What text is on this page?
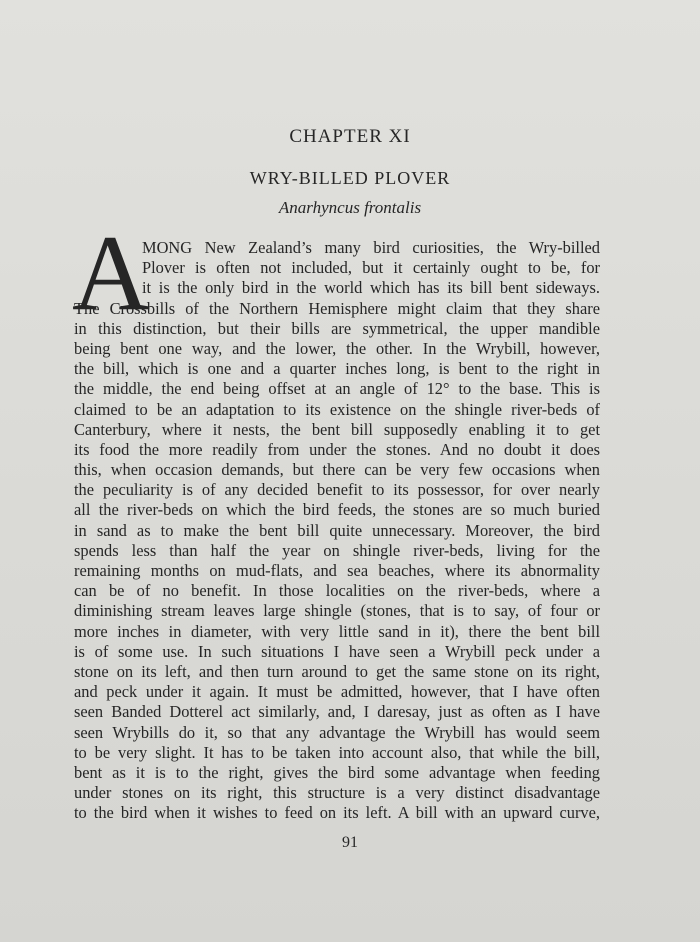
CHAPTER XI
WRY-BILLED PLOVER
Anarhyncus frontalis
A
MONG New Zealand’s many bird curiosities, the Wry-billed
Plover is often not included, but it certainly ought to be, for
it is the only bird in the world which has its bill bent sideways.
The Crossbills of the Northern Hemisphere might claim that they share
in this distinction, but their bills are symmetrical, the upper mandible
being bent one way, and the lower, the other. In the Wrybill, however,
the bill, which is one and a quarter inches long, is bent to the right in
the middle, the end being offset at an angle of 12° to the base. This is
claimed to be an adaptation to its existence on the shingle river-beds of
Canterbury, where it nests, the bent bill supposedly enabling it to get
its food the more readily from under the stones. And no doubt it does
this, when occasion demands, but there can be very few occasions when
the peculiarity is of any decided benefit to its possessor, for over nearly
all the river-beds on which the bird feeds, the stones are so much buried
in sand as to make the bent bill quite unnecessary. Moreover, the bird
spends less than half the year on shingle river-beds, living for the
remaining months on mud-flats, and sea beaches, where its abnormality
can be of no benefit. In those localities on the river-beds, where a
diminishing stream leaves large shingle (stones, that is to say, of four or
more inches in diameter, with very little sand in it), there the bent bill
is of some use. In such situations I have seen a Wrybill peck under a
stone on its left, and then turn around to get the same stone on its right,
and peck under it again. It must be admitted, however, that I have often
seen Banded Dotterel act similarly, and, I daresay, just as often as I have
seen Wrybills do it, so that any advantage the Wrybill has would seem
to be very slight. It has to be taken into account also, that while the bill,
bent as it is to the right, gives the bird some advantage when feeding
under stones on its right, this structure is a very distinct disadvantage
to the bird when it wishes to feed on its left. A bill with an upward curve,
91
